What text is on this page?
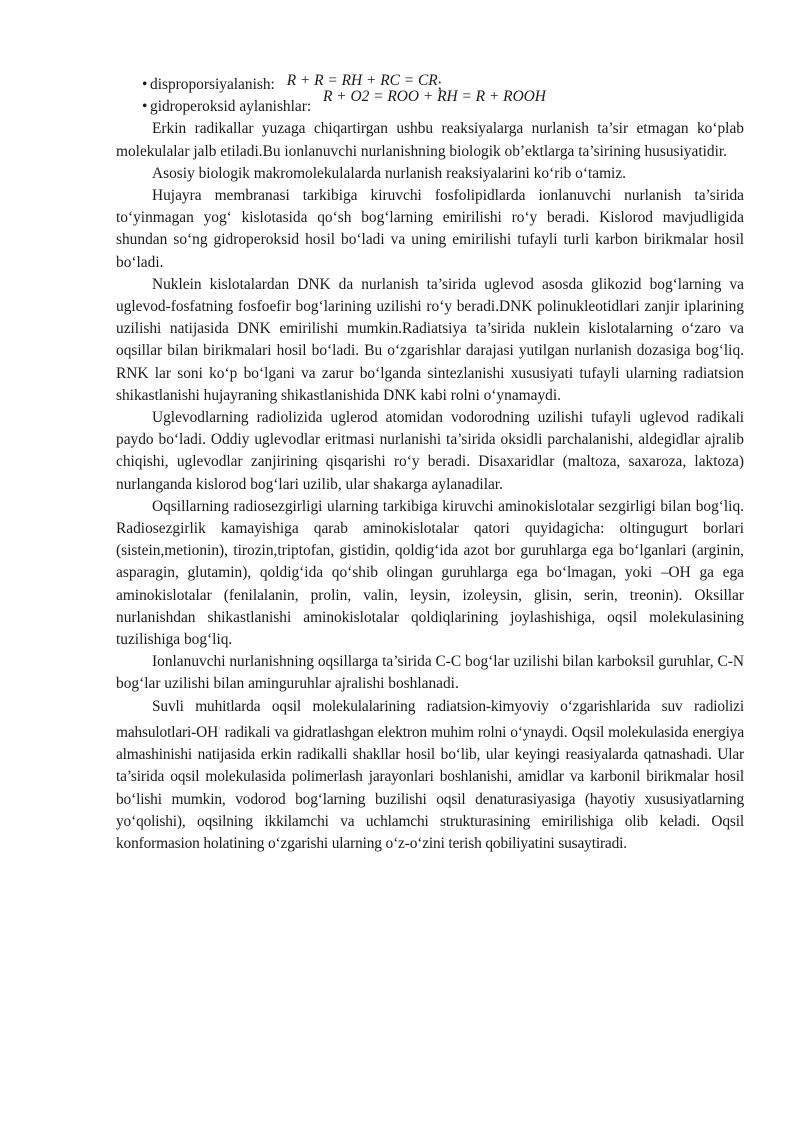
• disproporsiyalanish: R + R = RH + RC = CR;

• gidroperoksid aylanishlar: R + O2 = ROO + RH = R + ROOH

Erkin radikallar yuzaga chiqartirgan ushbu reaksiyalarga nurlanish ta’sir etmagan ko‘plab molekulalar jalb etiladi.Bu ionlanuvchi nurlanishning biologik ob’ektlarga ta’sirining hususiyatidir.

Asosiy biologik makromolekulalarda nurlanish reaksiyalarini ko‘rib o‘tamiz.

Hujayra membranasi tarkibiga kiruvchi fosfolipidlarda ionlanuvchi nurlanish ta’sirida to‘yinmagan yog‘ kislotasida qo‘sh bog‘larning emirilishi ro‘y beradi. Kislorod mavjudligida shundan so‘ng gidroperoksid hosil bo‘ladi va uning emirilishi tufayli turli karbon birikmalar hosil bo‘ladi.

Nuklein kislotalardan DNK da nurlanish ta’sirida uglevod asosda glikozid bog‘larning va uglevod-fosfatning fosfoefir bog‘larining uzilishi ro‘y beradi.DNK polinukleotidlari zanjir iplarining uzilishi natijasida DNK emirilishi mumkin.Radiatsiya ta’sirida nuklein kislotalarning o‘zaro va oqsillar bilan birikmalari hosil bo‘ladi. Bu o‘zgarishlar darajasi yutilgan nurlanish dozasiga bog‘liq. RNK lar soni ko‘p bo‘lgani va zarur bo‘lganda sintezlanishi xususiyati tufayli ularning radiatsion shikastlanishi hujayraning shikastlanishida DNK kabi rolni o‘ynamaydi.

Uglevodlarning radiolizida uglerod atomidan vodorodning uzilishi tufayli uglevod radikali paydo bo‘ladi. Oddiy uglevodlar eritmasi nurlanishi ta’sirida oksidli parchalanishi, aldegidlar ajralib chiqishi, uglevodlar zanjirining qisqarishi ro‘y beradi. Disaxaridlar (maltoza, saxaroza, laktoza) nurlanganda kislorod bog‘lari uzilib, ular shakarga aylanadilar.

Oqsillarning radiosezgirligi ularning tarkibiga kiruvchi aminokislotalar sezgirligi bilan bog‘liq. Radiosezgirlik kamayishiga qarab aminokislotalar qatori quyidagicha: oltingugurt borlari (sistein,metionin), tirozin,triptofan, gistidin, qoldig‘ida azot bor guruhlarga ega bo‘lganlari (arginin, asparagin, glutamin), qoldig‘ida qo‘shib olingan guruhlarga ega bo‘lmagan, yoki –OH ga ega aminokislotalar (fenilalanin, prolin, valin, leysin, izoleysin, glisin, serin, treonin). Oksillar nurlanishdan shikastlanishi aminokislotalar qoldiqlarining joylashishiga, oqsil molekulasining tuzilishiga bog‘liq.

Ionlanuvchi nurlanishning oqsillarga ta’sirida C-C bog‘lar uzilishi bilan karboksil guruhlar, C-N bog‘lar uzilishi bilan aminguruhlar ajralishi boshlanadi.

Suvli muhitlarda oqsil molekulalarining radiatsion-kimyoviy o‘zgarishlarida suv radiolizi mahsulotlari-OH· radikali va gidratlashgan elektron muhim rolni o‘ynaydi. Oqsil molekulasida energiya almashinishi natijasida erkin radikalli shakllar hosil bo‘lib, ular keyingi reasiyalarda qatnashadi. Ular ta’sirida oqsil molekulasida polimerlash jarayonlari boshlanishi, amidlar va karbonil birikmalar hosil bo‘lishi mumkin, vodorod bog‘larning buzilishi oqsil denaturasiyasiga (hayotiy xususiyatlarning yo‘qolishi), oqsilning ikkilamchi va uchlamchi strukturasining emirilishiga olib keladi. Oqsil konformasion holatining o‘zgarishi ularning o‘z-o‘zini terish qobiliyatini susaytiradi.
